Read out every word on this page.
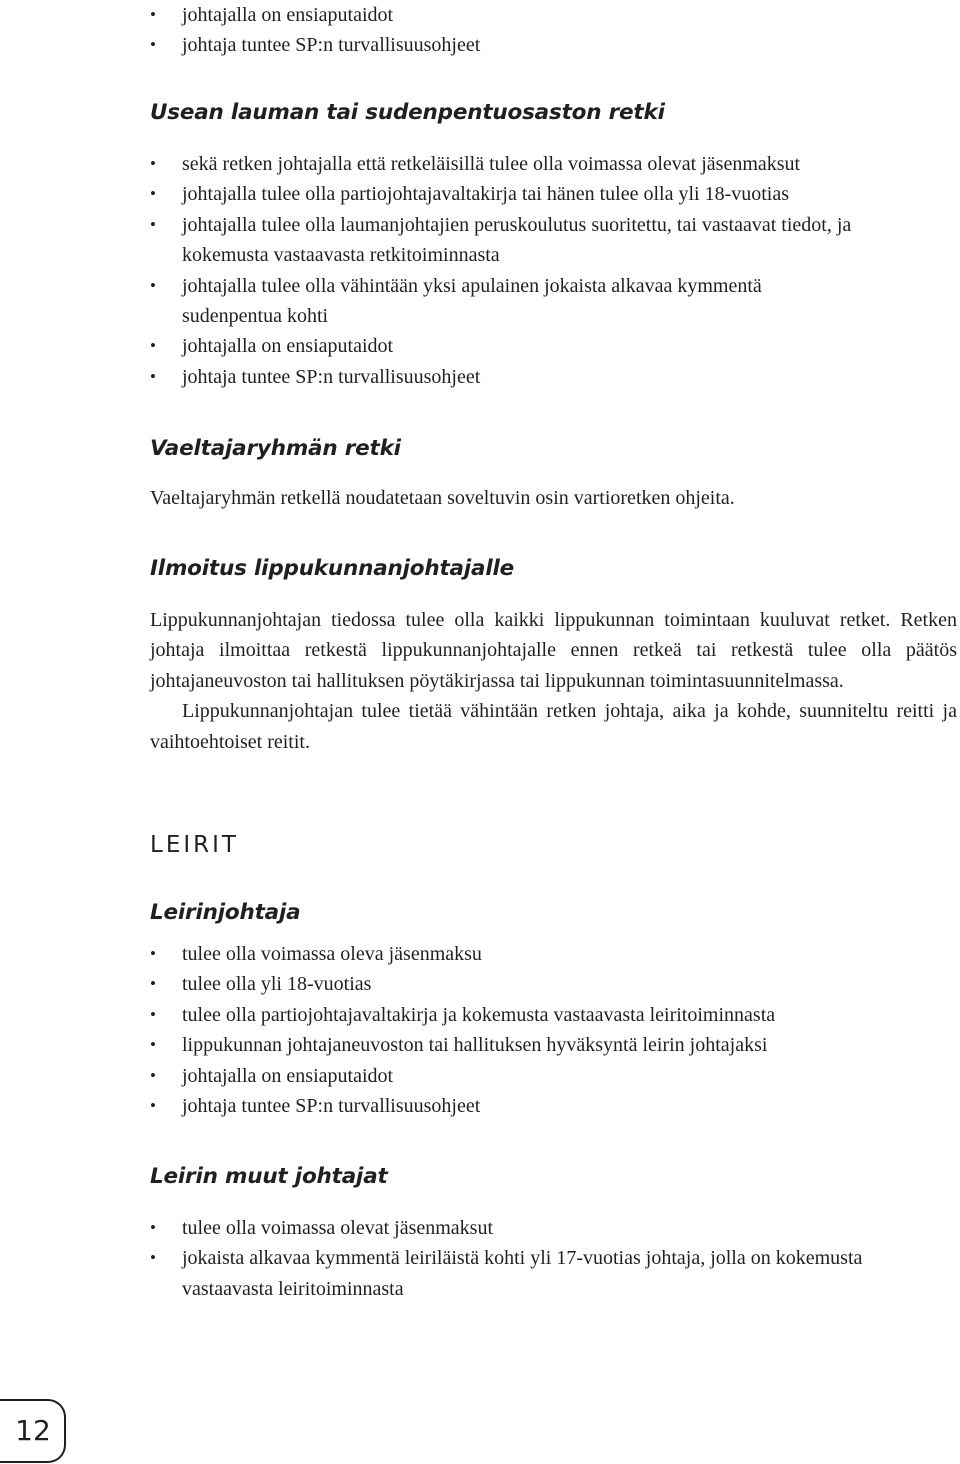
• johtajalla on ensiaputaidot
• johtaja tuntee SP:n turvallisuusohjeet
Usean lauman tai sudenpentuosaston retki
• sekä retken johtajalla että retkeläisillä tulee olla voimassa olevat jäsenmaksut
• johtajalla tulee olla partiojohtajavaltakirja tai hänen tulee olla yli 18-vuotias
• johtajalla tulee olla laumanjohtajien peruskoulutus suoritettu, tai vastaavat tiedot, ja kokemusta vastaavasta retkitoiminnasta
• johtajalla tulee olla vähintään yksi apulainen jokaista alkavaa kymmentä sudenpentua kohti
• johtajalla on ensiaputaidot
• johtaja tuntee SP:n turvallisuusohjeet
Vaeltajaryhmän retki

Vaeltajaryhmän retkellä noudatetaan soveltuvin osin vartioretken ohjeita.

Ilmoitus lippukunnanjohtajalle

Lippukunnanjohtajan tiedossa tulee olla kaikki lippukunnan toimintaan kuuluvat retket. Retken johtaja ilmoittaa retkestä lippukunnanjohtajalle ennen retkeä tai retkestä tulee olla päätös johtajaneuvoston tai hallituksen pöytäkirjassa tai lippukunnan toimintasuunnitelmassa.

Lippukunnanjohtajan tulee tietää vähintään retken johtaja, aika ja kohde, suunniteltu reitti ja vaihtoehtoiset reitit.

LEIRIT
Leirinjohtaja
• tulee olla voimassa oleva jäsenmaksu
• tulee olla yli 18-vuotias
• tulee olla partiojohtajavaltakirja ja kokemusta vastaavasta leiritoiminnasta
• lippukunnan johtajaneuvoston tai hallituksen hyväksyntä leirin johtajaksi
• johtajalla on ensiaputaidot
• johtaja tuntee SP:n turvallisuusohjeet
Leirin muut johtajat
• tulee olla voimassa olevat jäsenmaksut
• jokaista alkavaa kymmentä leiriläistä kohti yli 17-vuotias johtaja, jolla on kokemusta vastaavasta leiritoiminnasta
12
